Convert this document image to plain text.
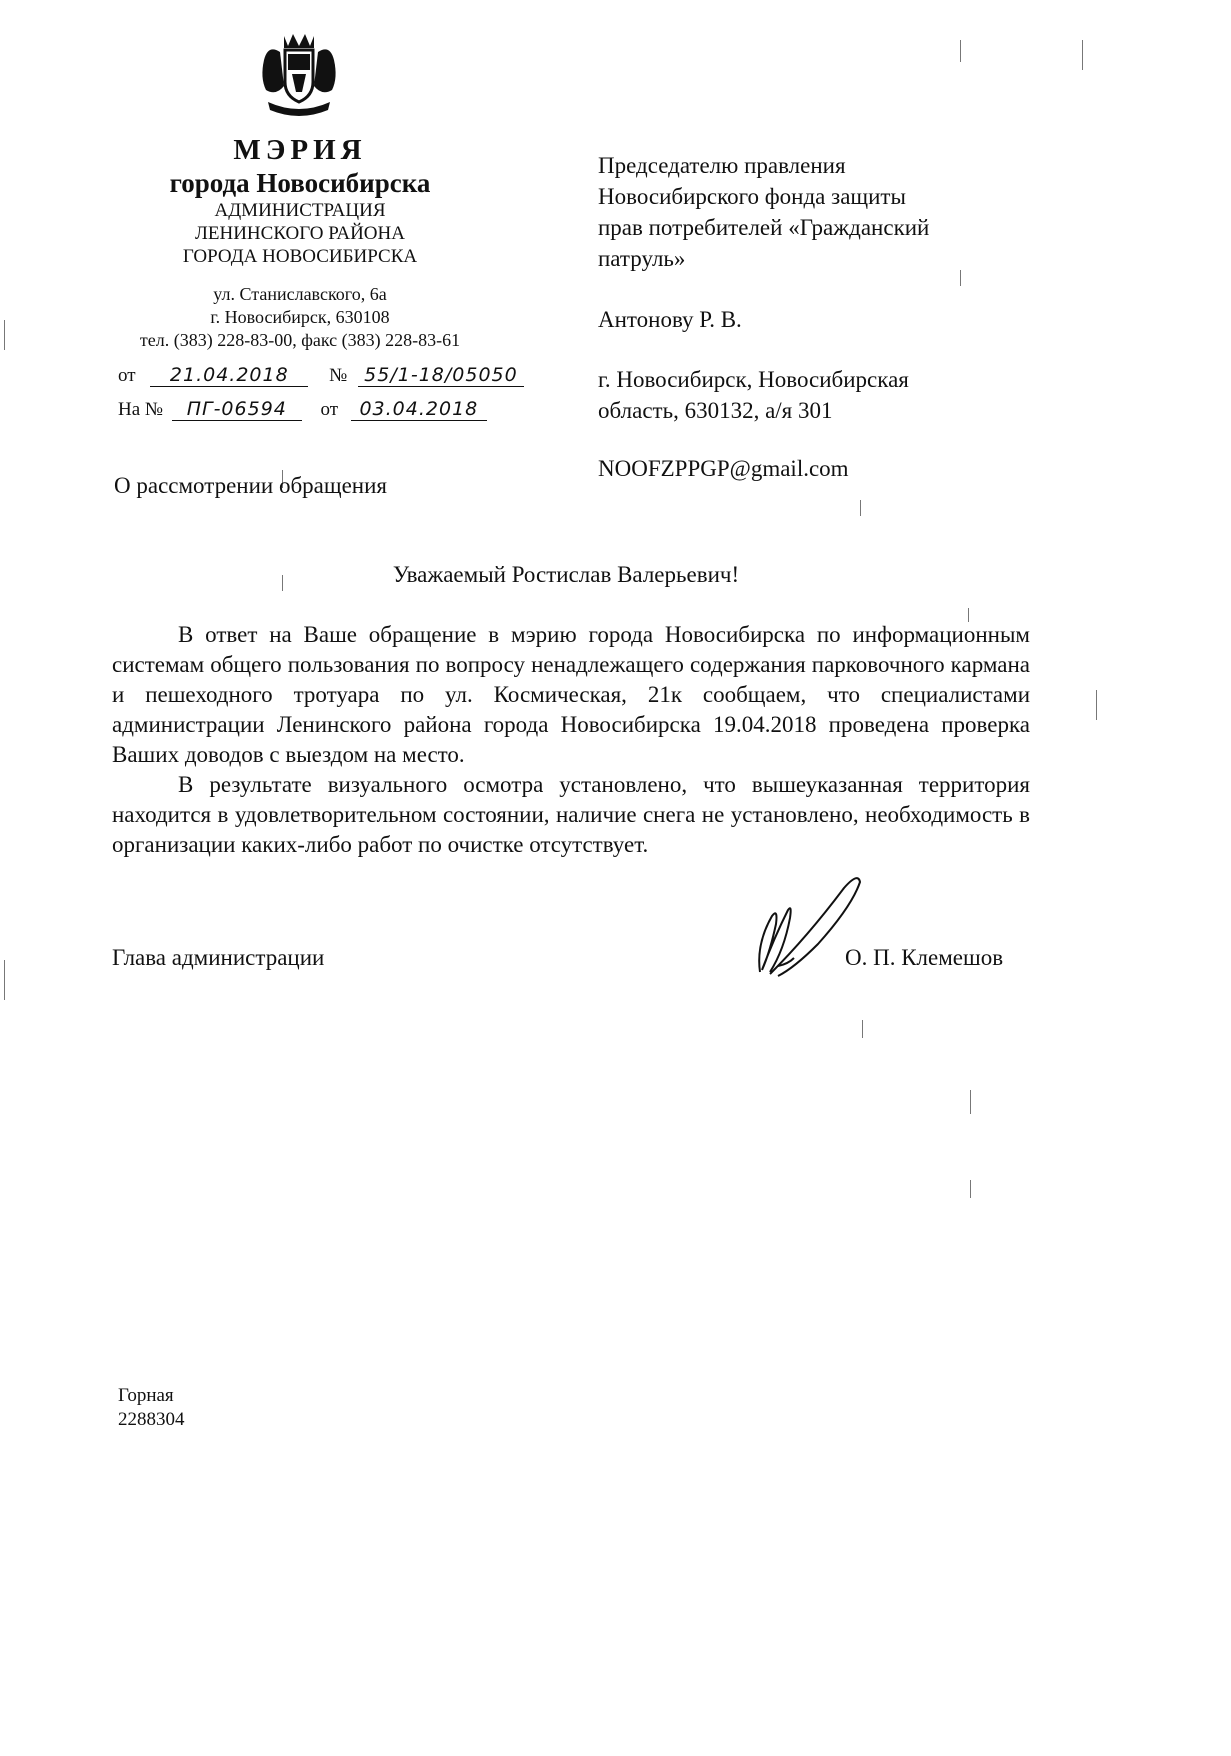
МЭРИЯ
города Новосибирска
АДМИНИСТРАЦИЯ
ЛЕНИНСКОГО РАЙОНА
ГОРОДА НОВОСИБИРСКА
ул. Станиславского, 6а
г. Новосибирск, 630108
тел. (383) 228-83-00, факс (383) 228-83-61
от 21.04.2018 № 55/1-18/05050
На № ПГ-06594 от 03.04.2018
О рассмотрении обращения
Председателю правления
Новосибирского фонда защиты
прав потребителей «Гражданский
патруль»
Антонову Р. В.
г. Новосибирск, Новосибирская
область, 630132, а/я 301
NOOFZPPGP@gmail.com
Уважаемый Ростислав Валерьевич!

В ответ на Ваше обращение в мэрию города Новосибирска по информационным системам общего пользования по вопросу ненадлежащего содержания парковочного кармана и пешеходного тротуара по ул. Космическая, 21к сообщаем, что специалистами администрации Ленинского района города Новосибирска 19.04.2018 проведена проверка Ваших доводов с выездом на место.

В результате визуального осмотра установлено, что вышеуказанная территория находится в удовлетворительном состоянии, наличие снега не установлено, необходимость в организации каких-либо работ по очистке отсутствует.

Глава администрации	О. П. Клемешов
Горная
2288304
